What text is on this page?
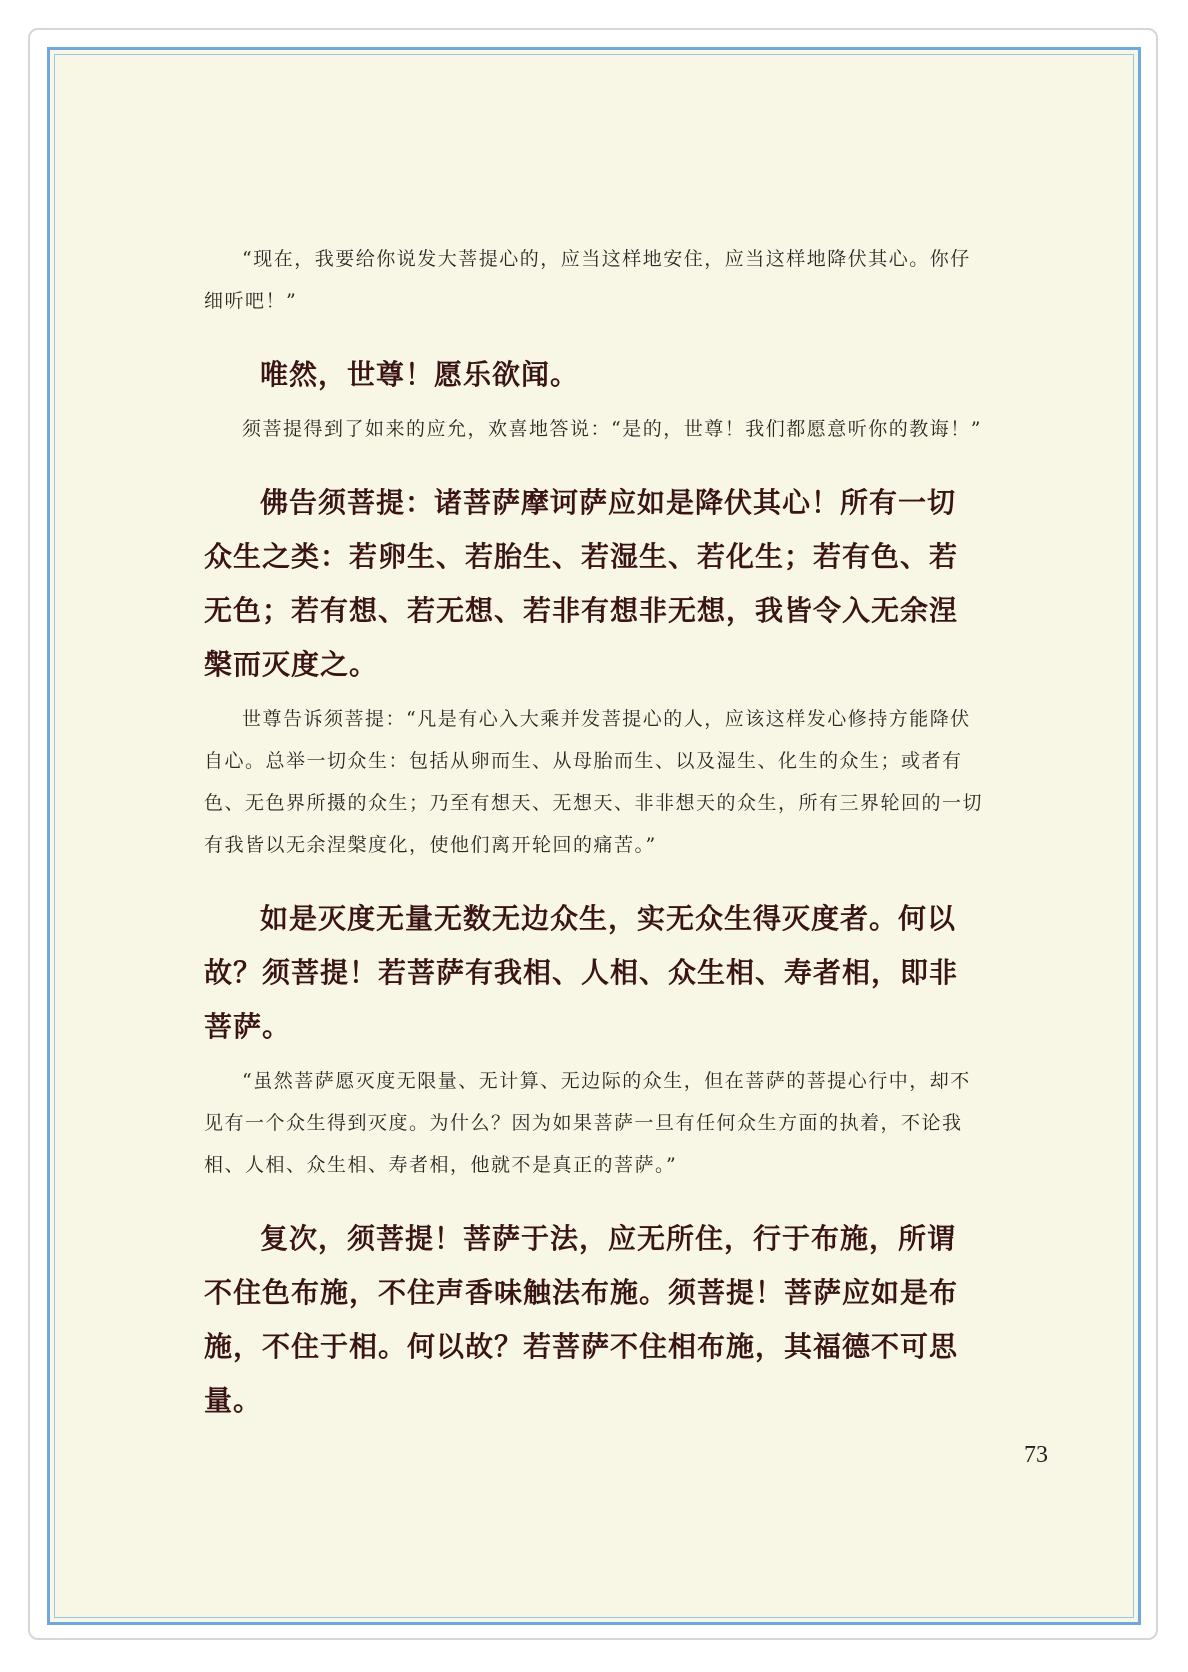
“现在，我要给你说发大菩提心的，应当这样地安住，应当这样地降伏其心。你仔细听吧！”

唯然，世尊！愿乐欲闻。

须菩提得到了如来的应允，欢喜地答说：“是的，世尊！我们都愿意听你的教诲！”

佛告须菩提：诸菩萨摩诃萨应如是降伏其心！所有一切众生之类：若卵生、若胎生、若湿生、若化生；若有色、若无色；若有想、若无想、若非有想非无想，我皆令入无余涅槃而灭度之。

世尊告诉须菩提：“凡是有心入大乘并发菩提心的人，应该这样发心修持方能降伏自心。总举一切众生：包括从卵而生、从母胎而生、以及湿生、化生的众生；或者有色、无色界所摄的众生；乃至有想天、无想天、非非想天的众生，所有三界轮回的一切有我皆以无余涅槃度化，使他们离开轮回的痛苦。”

如是灭度无量无数无边众生，实无众生得灭度者。何以故？须菩提！若菩萨有我相、人相、众生相、寿者相，即非菩萨。

“虽然菩萨愿灭度无限量、无计算、无边际的众生，但在菩萨的菩提心行中，却不见有一个众生得到灭度。为什么？因为如果菩萨一旦有任何众生方面的执着，不论我相、人相、众生相、寿者相，他就不是真正的菩萨。”

复次，须菩提！菩萨于法，应无所住，行于布施，所谓不住色布施，不住声香味触法布施。须菩提！菩萨应如是布施，不住于相。何以故？若菩萨不住相布施，其福德不可思量。

73
